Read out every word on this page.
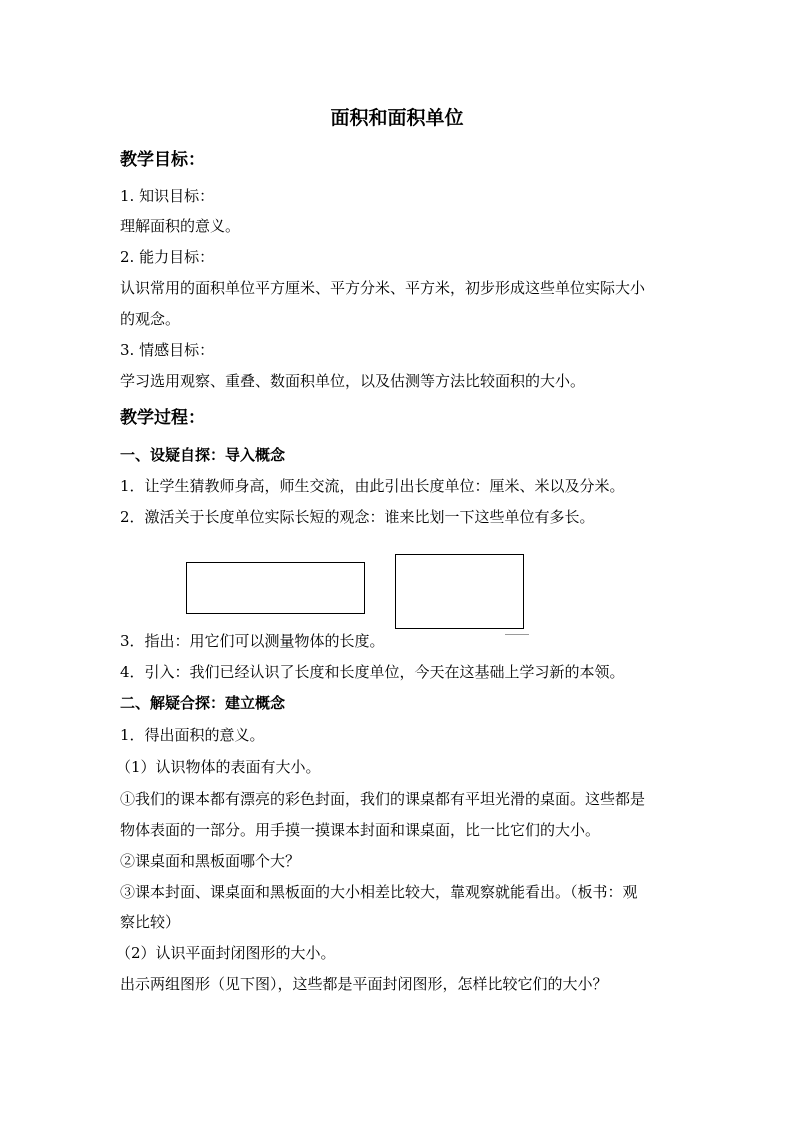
面积和面积单位
教学目标：
1. 知识目标：
理解面积的意义。
2. 能力目标：
认识常用的面积单位平方厘米、平方分米、平方米，初步形成这些单位实际大小
的观念。
3. 情感目标：
学习选用观察、重叠、数面积单位，以及估测等方法比较面积的大小。
教学过程：
一、设疑自探：导入概念
1．让学生猜教师身高，师生交流，由此引出长度单位：厘米、米以及分米。
2．激活关于长度单位实际长短的观念：谁来比划一下这些单位有多长。
3．指出：用它们可以测量物体的长度。
4．引入：我们已经认识了长度和长度单位，今天在这基础上学习新的本领。
二、解疑合探：建立概念
1．得出面积的意义。
（1）认识物体的表面有大小。
①我们的课本都有漂亮的彩色封面，我们的课桌都有平坦光滑的桌面。这些都是
物体表面的一部分。用手摸一摸课本封面和课桌面，比一比它们的大小。
②课桌面和黑板面哪个大？
③课本封面、课桌面和黑板面的大小相差比较大，靠观察就能看出。（板书：观
察比较）
（2）认识平面封闭图形的大小。
出示两组图形（见下图），这些都是平面封闭图形，怎样比较它们的大小？
